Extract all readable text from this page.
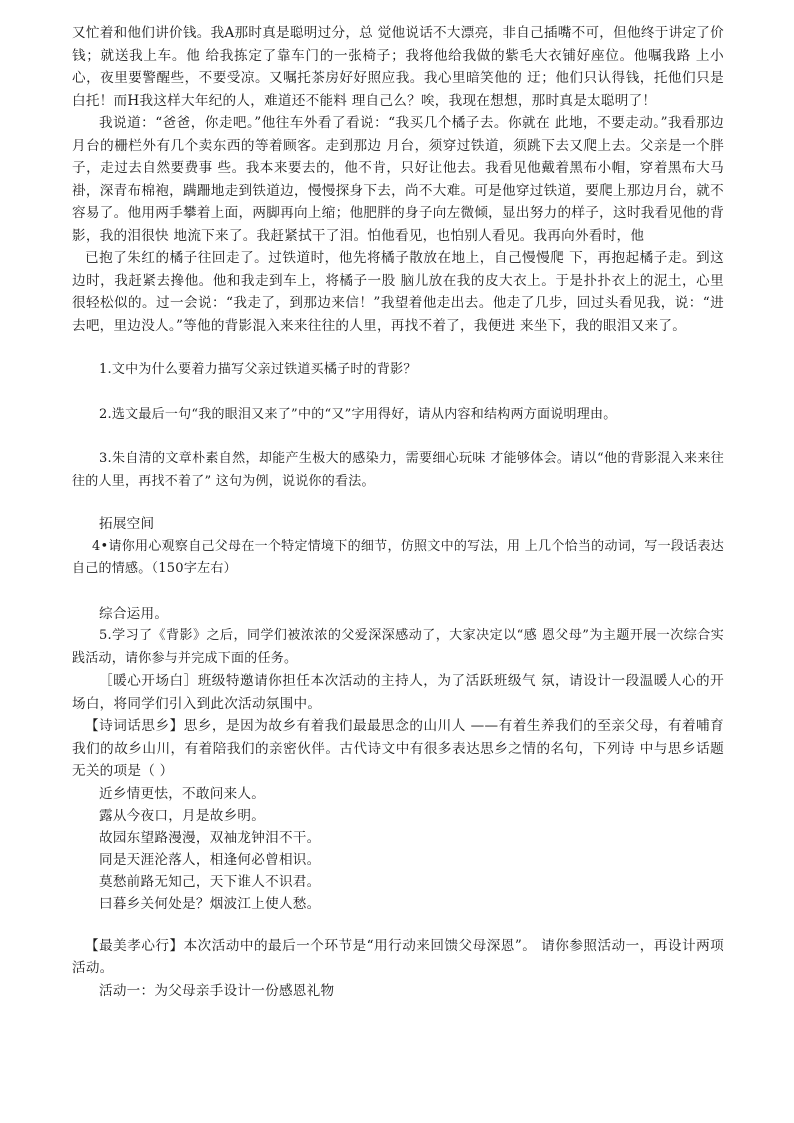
又忙着和他们讲价钱。我A那时真是聪明过分，总 觉他说话不大漂亮，非自己插嘴不可，但他终于讲定了价钱；就送我上车。他 给我拣定了靠车门的一张椅子；我将他给我做的紫毛大衣铺好座位。他嘱我路 上小心，夜里要警醒些，不要受凉。又嘱托茶房好好照应我。我心里暗笑他的 迂；他们只认得钱，托他们只是白托！而H我这样大年纪的人，难道还不能料 理自己么？唉，我现在想想，那时真是太聪明了！

我说道：“爸爸，你走吧。”他往车外看了看说：“我买几个橘子去。你就在 此地，不要走动。”我看那边月台的栅栏外有几个卖东西的等着顾客。走到那边 月台，须穿过铁道，须跳下去又爬上去。父亲是一个胖子，走过去自然要费事 些。我本来要去的，他不肯，只好让他去。我看见他戴着黑布小帽，穿着黑布大马褂，深青布棉袍，蹒跚地走到铁道边，慢慢探身下去，尚不大难。可是他穿过铁道，要爬上那边月台，就不容易了。他用两手攀着上面，两脚再向上缩；他肥胖的身子向左微倾，显出努力的样子，这时我看见他的背影，我的泪很快 地流下来了。我赶紧拭干了泪。怕他看见，也怕别人看见。我再向外看时，他

已抱了朱红的橘子往回走了。过铁道时，他先将橘子散放在地上，自己慢慢爬 下，再抱起橘子走。到这边时，我赶紧去搀他。他和我走到车上，将橘子一股 脑儿放在我的皮大衣上。于是扑扑衣上的泥土，心里很轻松似的。过一会说：“我走了，到那边来信！”我望着他走出去。他走了几步，回过头看见我，说：“进去吧，里边没人。”等他的背影混入来来往往的人里，再找不着了，我便进 来坐下，我的眼泪又来了。

1.文中为什么要着力描写父亲过铁道买橘子时的背影？

2.选文最后一句“我的眼泪又来了”中的“又”字用得好，请从内容和结构两方面说明理由。

3.朱自清的文章朴素自然，却能产生极大的感染力，需要细心玩味 才能够体会。请以“他的背影混入来来往往的人里，再找不着了” 这句为例，说说你的看法。

拓展空间

4•请你用心观察自己父母在一个特定情境下的细节，仿照文中的写法，用 上几个恰当的动词，写一段话表达自己的情感。（150字左右）

综合运用。

5.学习了《背影》之后，同学们被浓浓的父爱深深感动了，大家决定以“感 恩父母”为主题开展一次综合实践活动，请你参与并完成下面的任务。

［暖心开场白］班级特邀请你担任本次活动的主持人，为了活跃班级气 氛，请设计一段温暖人心的开场白，将同学们引入到此次活动氛围中。

【诗词话思乡】思乡，是因为故乡有着我们最最思念的山川人 ——有着生养我们的至亲父母，有着哺育我们的故乡山川，有着陪我们的亲密伙伴。古代诗文中有很多表达思乡之情的名句，下列诗 中与思乡话题无关的项是（ ）

近乡情更怯，不敢问来人。

露从今夜口，月是故乡明。

故园东望路漫漫，双袖龙钟泪不干。

同是天涯沦落人，相逢何必曾相识。

莫愁前路无知己，天下谁人不识君。

曰暮乡关何处是？烟波江上使人愁。

【最美孝心行】本次活动中的最后一个环节是“用行动来回馈父母深恩”。 请你参照活动一，再设计两项活动。

活动一：为父母亲手设计一份感恩礼物
